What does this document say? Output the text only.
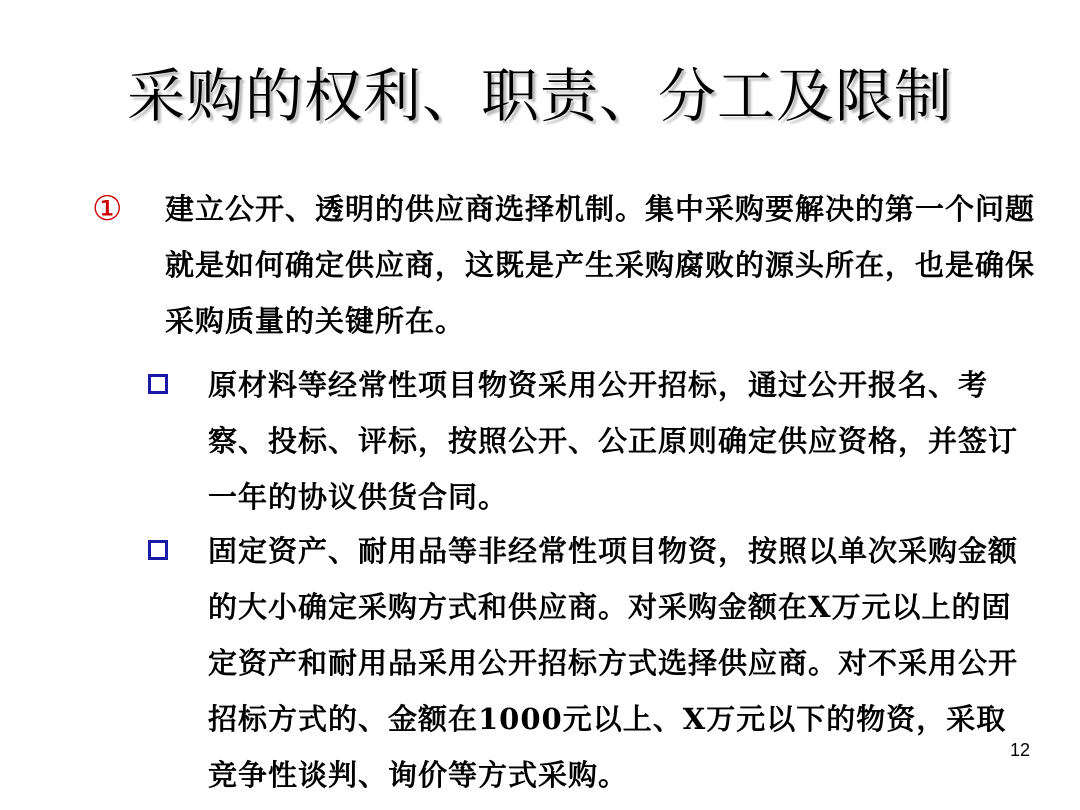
采购的权利、职责、分工及限制
① 建立公开、透明的供应商选择机制。集中采购要解决的第一个问题就是如何确定供应商，这既是产生采购腐败的源头所在，也是确保采购质量的关键所在。
原材料等经常性项目物资采用公开招标，通过公开报名、考察、投标、评标，按照公开、公正原则确定供应资格，并签订一年的协议供货合同。
固定资产、耐用品等非经常性项目物资，按照以单次采购金额的大小确定采购方式和供应商。对采购金额在X万元以上的固定资产和耐用品采用公开招标方式选择供应商。对不采用公开招标方式的、金额在1000元以上、X万元以下的物资，采取竞争性谈判、询价等方式采购。
12
